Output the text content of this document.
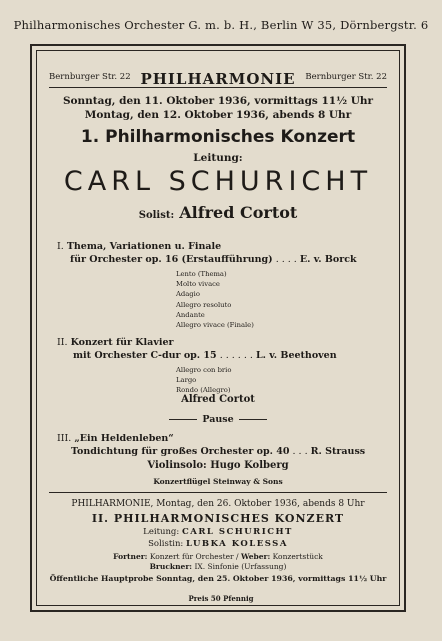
Philharmonisches Orchester G. m. b. H., Berlin W 35, Dörnbergstr. 6
Bernburger Str. 22 PHILHARMONIE Bernburger Str. 22
Sonntag, den 11. Oktober 1936, vormittags 11½ Uhr
Montag, den 12. Oktober 1936, abends 8 Uhr
1. Philharmonisches Konzert
Leitung:
CARL SCHURICHT
Solist: Alfred Cortot
I. Thema, Variationen u. Finale
für Orchester op. 16 (Erstaufführung) . . . . E. v. Borck
Lento (Thema)
Molto vivace
Adagio
Allegro resoluto
Andante
Allegro vivace (Finale)
II. Konzert für Klavier
mit Orchester C-dur op. 15 . . . . . . L. v. Beethoven
Allegro con brio
Largo
Rondo (Allegro)
Alfred Cortot
Pause
III. „Ein Heldenleben“
Tondichtung für großes Orchester op. 40 . . . R. Strauss
Violinsolo: Hugo Kolberg
Konzertflügel Steinway & Sons
PHILHARMONIE, Montag, den 26. Oktober 1936, abends 8 Uhr
II. PHILHARMONISCHES KONZERT
Leitung: CARL SCHURICHT
Solistin: LUBKA KOLESSA
Fortner: Konzert für Orchester / Weber: Konzertstück
Bruckner: IX. Sinfonie (Urfassung)
Öffentliche Hauptprobe Sonntag, den 25. Oktober 1936, vormittags 11½ Uhr
Preis 50 Pfennig
